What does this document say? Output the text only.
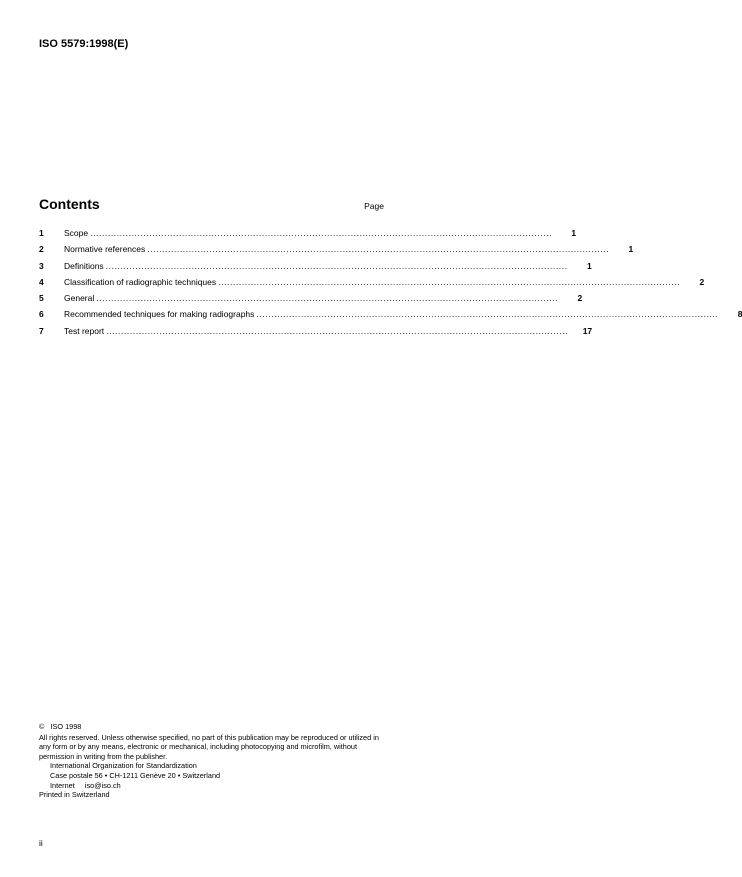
ISO 5579:1998(E)
Contents	Page
1	Scope ............................................................................................................................................................	1
2	Normative references ............................................................................................................................................................	1
3	Definitions ............................................................................................................................................................	1
4	Classification of radiographic techniques ............................................................................................................................................................	2
5	General ............................................................................................................................................................	2
6	Recommended techniques for making radiographs ............................................................................................................................................................	8
7	Test report ............................................................................................................................................................	17
© ISO 1998
All rights reserved. Unless otherwise specified, no part of this publication may be reproduced or utilized in any form or by any means, electronic or mechanical, including photocopying and microfilm, without permission in writing from the publisher.
International Organization for Standardization
Case postale 56 • CH-1211 Genève 20 • Switzerland
Internet iso@iso.ch
Printed in Switzerland
ii
